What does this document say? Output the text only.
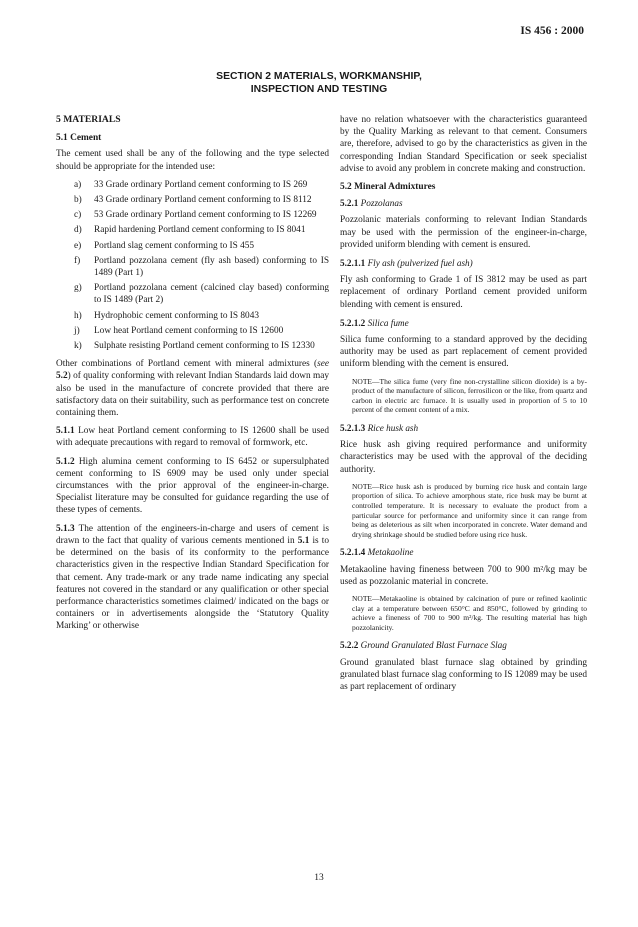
IS 456 : 2000
SECTION 2 MATERIALS, WORKMANSHIP,
INSPECTION AND TESTING
5 MATERIALS
5.1 Cement

The cement used shall be any of the following and the type selected should be appropriate for the intended use:

a) 33 Grade ordinary Portland cement conforming to IS 269
b) 43 Grade ordinary Portland cement conforming to IS 8112
c) 53 Grade ordinary Portland cement conforming to IS 12269
d) Rapid hardening Portland cement conforming to IS 8041
e) Portland slag cement conforming to IS 455
f) Portland pozzolana cement (fly ash based) conforming to IS 1489 (Part 1)
g) Portland pozzolana cement (calcined clay based) conforming to IS 1489 (Part 2)
h) Hydrophobic cement conforming to IS 8043
j) Low heat Portland cement conforming to IS 12600
k) Sulphate resisting Portland cement conforming to IS 12330

Other combinations of Portland cement with mineral admixtures (see 5.2) of quality conforming with relevant Indian Standards laid down may also be used in the manufacture of concrete provided that there are satisfactory data on their suitability, such as performance test on concrete containing them.

5.1.1 Low heat Portland cement conforming to IS 12600 shall be used with adequate precautions with regard to removal of formwork, etc.

5.1.2 High alumina cement conforming to IS 6452 or supersulphated cement conforming to IS 6909 may be used only under special circumstances with the prior approval of the engineer-in-charge. Specialist literature may be consulted for guidance regarding the use of these types of cements.

5.1.3 The attention of the engineers-in-charge and users of cement is drawn to the fact that quality of various cements mentioned in 5.1 is to be determined on the basis of its conformity to the performance characteristics given in the respective Indian Standard Specification for that cement. Any trade-mark or any trade name indicating any special features not covered in the standard or any qualification or other special performance characteristics sometimes claimed/ indicated on the bags or containers or in advertisements alongside the ‘Statutory Quality Marking’ or otherwise

have no relation whatsoever with the characteristics guaranteed by the Quality Marking as relevant to that cement. Consumers are, therefore, advised to go by the characteristics as given in the corresponding Indian Standard Specification or seek specialist advise to avoid any problem in concrete making and construction.

5.2 Mineral Admixtures
5.2.1 Pozzolanas

Pozzolanic materials conforming to relevant Indian Standards may be used with the permission of the engineer-in-charge, provided uniform blending with cement is ensured.

5.2.1.1 Fly ash (pulverized fuel ash)

Fly ash conforming to Grade 1 of IS 3812 may be used as part replacement of ordinary Portland cement provided uniform blending with cement is ensured.

5.2.1.2 Silica fume

Silica fume conforming to a standard approved by the deciding authority may be used as part replacement of cement provided uniform blending with the cement is ensured.

NOTE—The silica fume (very fine non-crystalline silicon dioxide) is a by-product of the manufacture of silicon, ferrosilicon or the like, from quartz and carbon in electric arc furnace. It is usually used in proportion of 5 to 10 percent of the cement content of a mix.

5.2.1.3 Rice husk ash

Rice husk ash giving required performance and uniformity characteristics may be used with the approval of the deciding authority.

NOTE—Rice husk ash is produced by burning rice husk and contain large proportion of silica. To achieve amorphous state, rice husk may be burnt at controlled temperature. It is necessary to evaluate the product from a particular source for performance and uniformity since it can range from being as deleterious as silt when incorporated in concrete. Water demand and drying shrinkage should be studied before using rice husk.

5.2.1.4 Metakaoline

Metakaoline having fineness between 700 to 900 m²/kg may be used as pozzolanic material in concrete.

NOTE—Metakaoline is obtained by calcination of pure or refined kaolintic clay at a temperature between 650°C and 850°C, followed by grinding to achieve a fineness of 700 to 900 m²/kg. The resulting material has high pozzolanicity.

5.2.2 Ground Granulated Blast Furnace Slag

Ground granulated blast furnace slag obtained by grinding granulated blast furnace slag conforming to IS 12089 may be used as part replacement of ordinary

13
